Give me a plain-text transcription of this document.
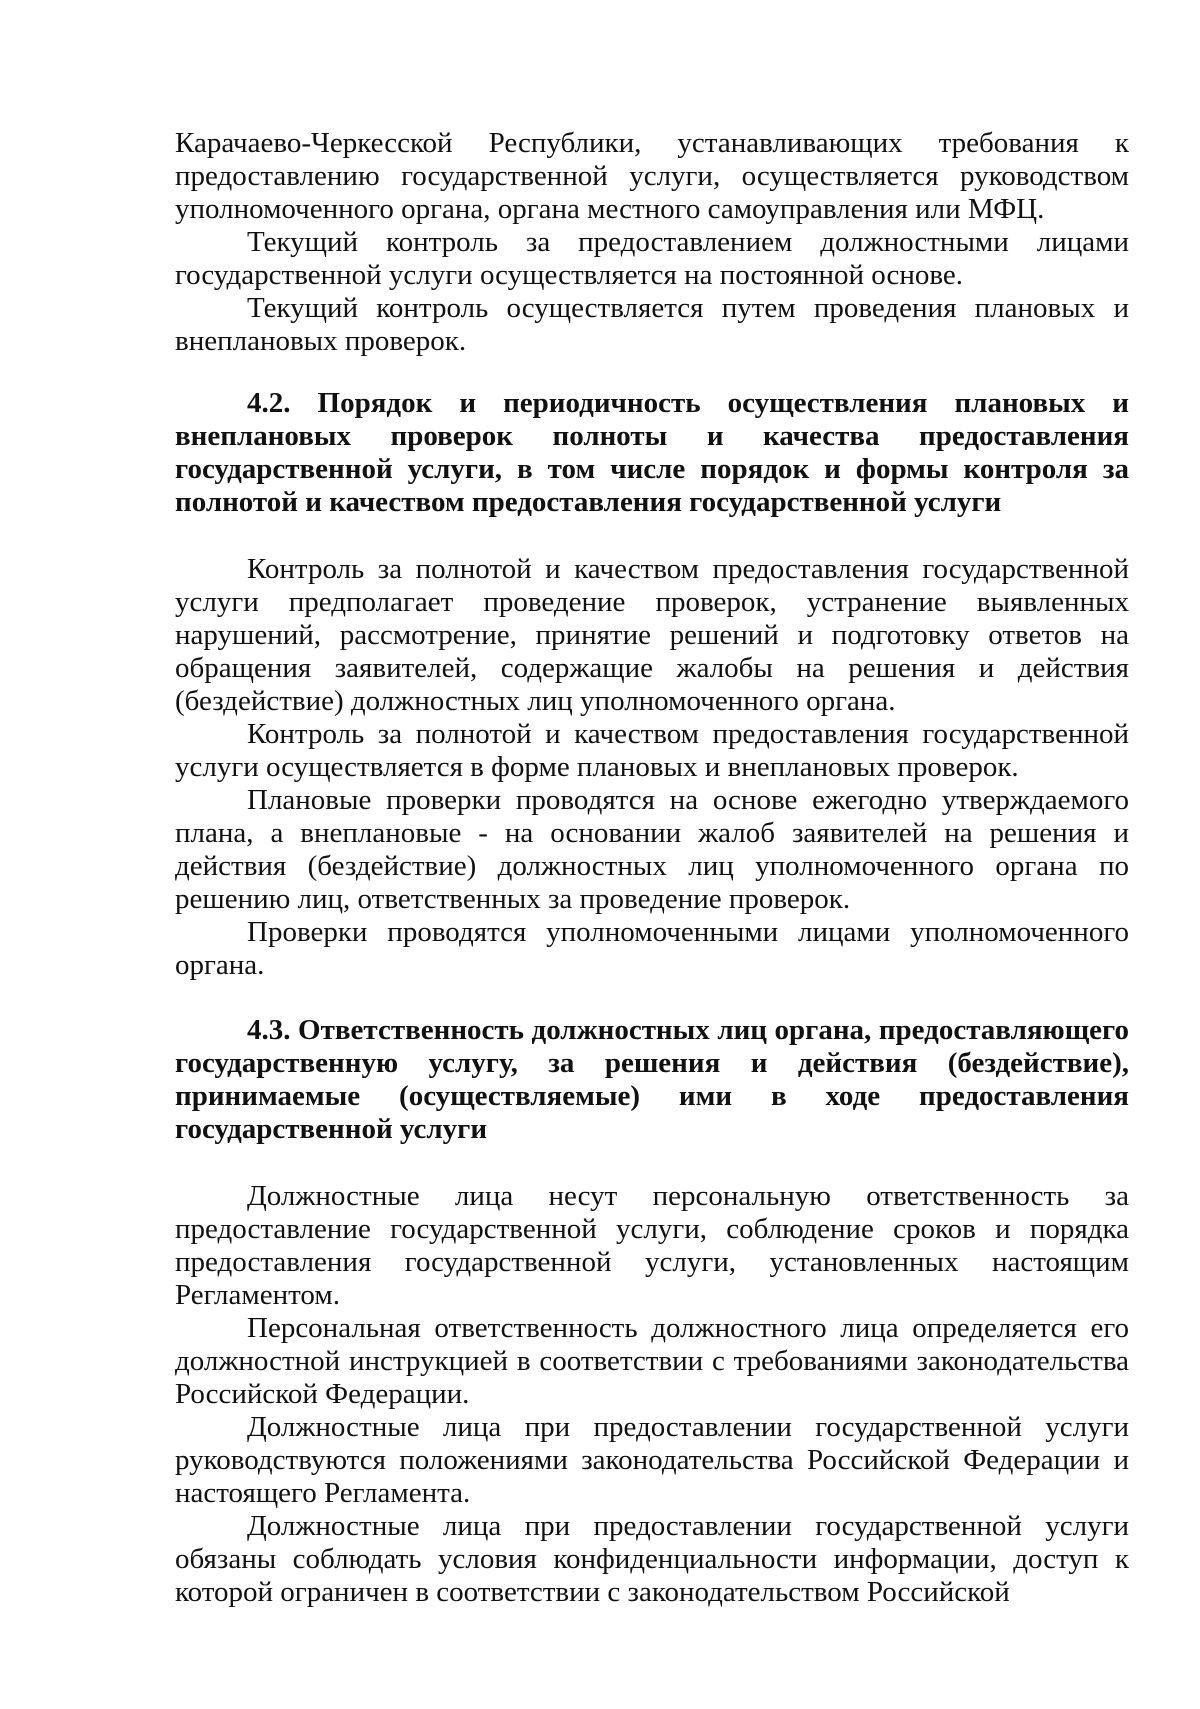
Карачаево-Черкесской Республики, устанавливающих требования к предоставлению государственной услуги, осуществляется руководством уполномоченного органа, органа местного самоуправления или МФЦ.

Текущий контроль за предоставлением должностными лицами государственной услуги осуществляется на постоянной основе.

Текущий контроль осуществляется путем проведения плановых и внеплановых проверок.

4.2. Порядок и периодичность осуществления плановых и внеплановых проверок полноты и качества предоставления государственной услуги, в том числе порядок и формы контроля за полнотой и качеством предоставления государственной услуги

Контроль за полнотой и качеством предоставления государственной услуги предполагает проведение проверок, устранение выявленных нарушений, рассмотрение, принятие решений и подготовку ответов на обращения заявителей, содержащие жалобы на решения и действия (бездействие) должностных лиц уполномоченного органа.

Контроль за полнотой и качеством предоставления государственной услуги осуществляется в форме плановых и внеплановых проверок.

Плановые проверки проводятся на основе ежегодно утверждаемого плана, а внеплановые - на основании жалоб заявителей на решения и действия (бездействие) должностных лиц уполномоченного органа по решению лиц, ответственных за проведение проверок.

Проверки проводятся уполномоченными лицами уполномоченного органа.

4.3. Ответственность должностных лиц органа, предоставляющего государственную услугу, за решения и действия (бездействие), принимаемые (осуществляемые) ими в ходе предоставления государственной услуги

Должностные лица несут персональную ответственность за предоставление государственной услуги, соблюдение сроков и порядка предоставления государственной услуги, установленных настоящим Регламентом.

Персональная ответственность должностного лица определяется его должностной инструкцией в соответствии с требованиями законодательства Российской Федерации.

Должностные лица при предоставлении государственной услуги руководствуются положениями законодательства Российской Федерации и настоящего Регламента.

Должностные лица при предоставлении государственной услуги обязаны соблюдать условия конфиденциальности информации, доступ к которой ограничен в соответствии с законодательством Российской
